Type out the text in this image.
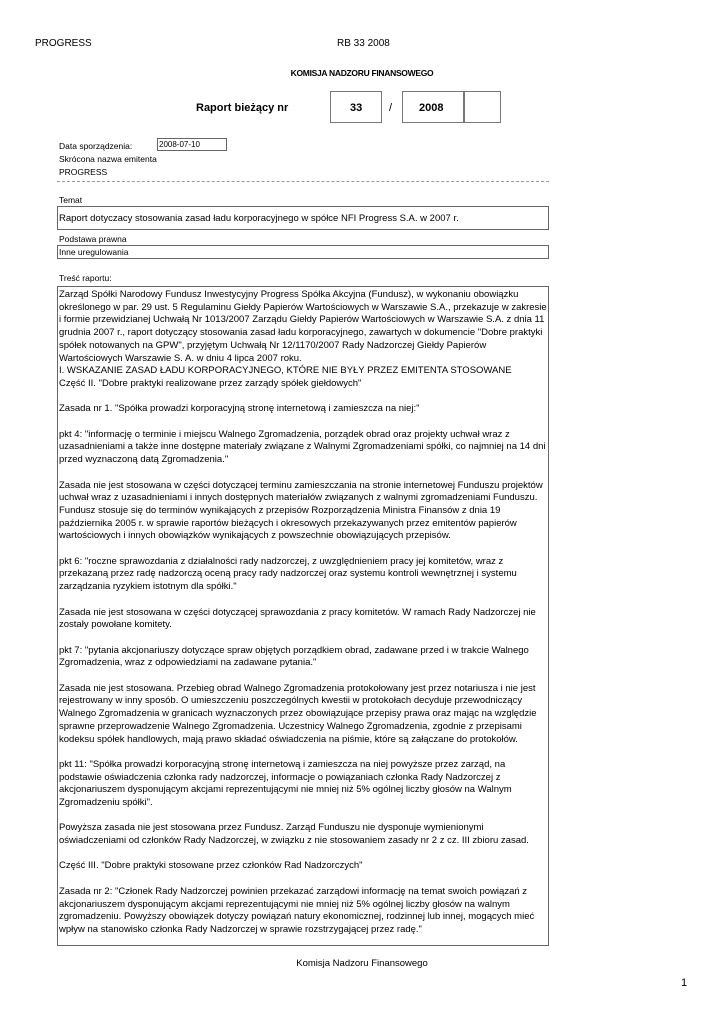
PROGRESS	RB 33 2008
KOMISJA NADZORU FINANSOWEGO
Raport bieżący nr	33 / 2008
Data sporządzenia:	2008-07-10
Skrócona nazwa emitenta
PROGRESS
Temat
Raport dotyczacy stosowania zasad ładu korporacyjnego w spółce NFI Progress S.A. w 2007 r.
Podstawa prawna
Inne uregulowania
Treść raportu:

Zarząd Spółki Narodowy Fundusz Inwestycyjny Progress Spółka Akcyjna (Fundusz), w wykonaniu obowiązku określonego w par. 29 ust. 5 Regulaminu Giełdy Papierów Wartościowych w Warszawie S.A., przekazuje w zakresie i formie przewidzianej Uchwałą Nr 1013/2007 Zarządu Giełdy Papierów Wartościowych w Warszawie S.A. z dnia 11 grudnia 2007 r., raport dotyczący stosowania zasad ładu korporacyjnego, zawartych w dokumencie "Dobre praktyki spółek notowanych na GPW", przyjętym Uchwałą Nr 12/1170/2007 Rady Nadzorczej Giełdy Papierów Wartościowych Warszawie S. A. w dniu 4 lipca 2007 roku.

I. WSKAZANIE ZASAD ŁADU KORPORACYJNEGO, KTÓRE NIE BYŁY PRZEZ EMITENTA STOSOWANE

Część II. "Dobre praktyki realizowane przez zarządy spółek giełdowych"

Zasada nr 1. "Spółka prowadzi korporacyjną stronę internetową i zamieszcza na niej:"

pkt 4: "informację o terminie i miejscu Walnego Zgromadzenia, porządek obrad oraz projekty uchwał wraz z uzasadnieniami a także inne dostępne materiały związane z Walnymi Zgromadzeniami spółki, co najmniej na 14 dni przed wyznaczoną datą Zgromadzenia."

Zasada nie jest stosowana w części dotyczącej terminu zamieszczania na stronie internetowej Funduszu projektów uchwał wraz z uzasadnieniami i innych dostępnych materiałów związanych z walnymi zgromadzeniami Funduszu. Fundusz stosuje się do terminów wynikających z przepisów Rozporządzenia Ministra Finansów z dnia 19 października 2005 r. w sprawie raportów bieżących i okresowych przekazywanych przez emitentów papierów wartościowych i innych obowiązków wynikających z powszechnie obowiązujących przepisów.

pkt 6: "roczne sprawozdania z działalności rady nadzorczej, z uwzględnieniem pracy jej komitetów, wraz z przekazaną przez radę nadzorczą oceną pracy rady nadzorczej oraz systemu kontroli wewnętrznej i systemu zarządzania ryzykiem istotnym dla spółki."

Zasada nie jest stosowana w części dotyczącej sprawozdania z pracy komitetów. W ramach Rady Nadzorczej nie zostały powołane komitety.

pkt 7: "pytania akcjonariuszy dotyczące spraw objętych porządkiem obrad, zadawane przed i w trakcie Walnego Zgromadzenia, wraz z odpowiedziami na zadawane pytania."

Zasada nie jest stosowana. Przebieg obrad Walnego Zgromadzenia protokołowany jest przez notariusza i nie jest rejestrowany w inny sposób. O umieszczeniu poszczególnych kwestii w protokołach decyduje przewodniczący Walnego Zgromadzenia w granicach wyznaczonych przez obowiązujące przepisy prawa oraz mając na względzie sprawne przeprowadzenie Walnego Zgromadzenia. Uczestnicy Walnego Zgromadzenia, zgodnie z przepisami kodeksu spółek handlowych, mają prawo składać oświadczenia na piśmie, które są załączane do protokołów.

pkt 11: "Spółka prowadzi korporacyjną stronę internetową i zamieszcza na niej powyższe przez zarząd, na podstawie oświadczenia członka rady nadzorczej, informacje o powiązaniach członka Rady Nadzorczej z akcjonariuszem dysponującym akcjami reprezentującymi nie mniej niż 5% ogólnej liczby głosów na Walnym Zgromadzeniu spółki".

Powyższa zasada nie jest stosowana przez Fundusz. Zarząd Funduszu nie dysponuje wymienionymi oświadczeniami od członków Rady Nadzorczej, w związku z nie stosowaniem zasady nr 2 z cz. III zbioru zasad.

Część III. "Dobre praktyki stosowane przez członków Rad Nadzorczych"

Zasada nr 2: "Członek Rady Nadzorczej powinien przekazać zarządowi informację na temat swoich powiązań z akcjonariuszem dysponującym akcjami reprezentującymi nie mniej niż 5% ogólnej liczby głosów na walnym zgromadzeniu. Powyższy obowiązek dotyczy powiązań natury ekonomicznej, rodzinnej lub innej, mogących mieć wpływ na stanowisko członka Rady Nadzorczej w sprawie rozstrzygającej przez radę."

Komisja Nadzoru Finansowego
1
